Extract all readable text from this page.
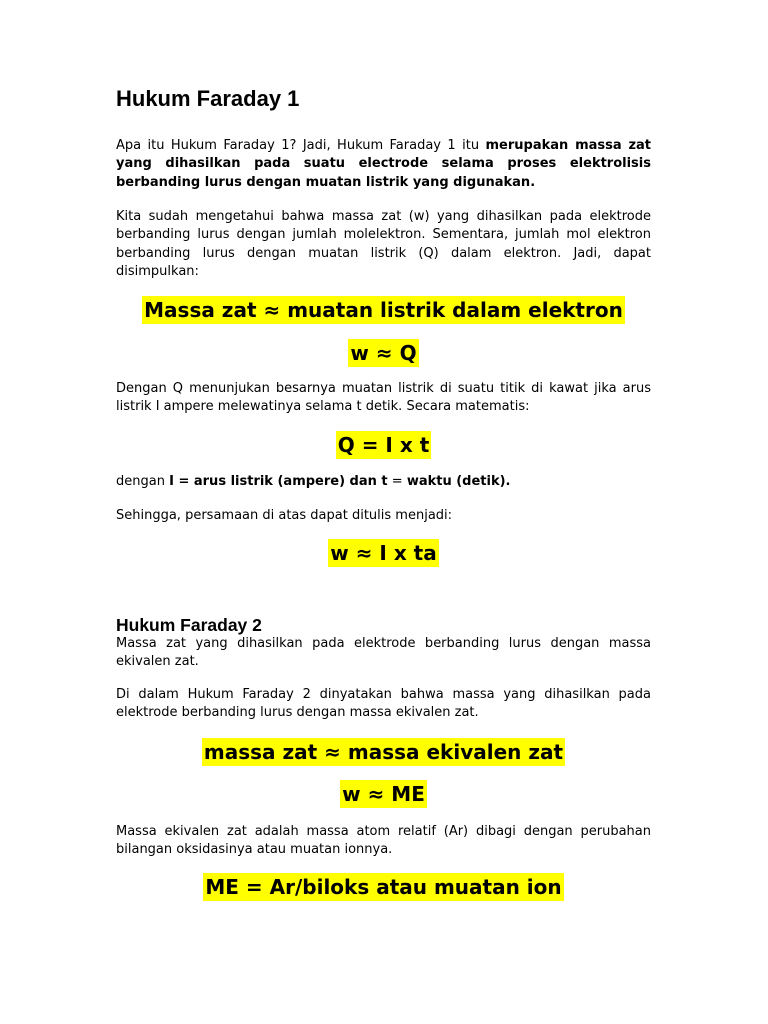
Hukum Faraday 1

Apa itu Hukum Faraday 1? Jadi, Hukum Faraday 1 itu merupakan massa zat yang dihasilkan pada suatu electrode selama proses elektrolisis berbanding lurus dengan muatan listrik yang digunakan.

Kita sudah mengetahui bahwa massa zat (w) yang dihasilkan pada elektrode berbanding lurus dengan jumlah molelektron. Sementara, jumlah mol elektron berbanding lurus dengan muatan listrik (Q) dalam elektron. Jadi, dapat disimpulkan:

Massa zat ≈ muatan listrik dalam elektron
w ≈ Q

Dengan Q menunjukan besarnya muatan listrik di suatu titik di kawat jika arus listrik I ampere melewatinya selama t detik. Secara matematis:

Q = I x t

dengan I = arus listrik (ampere) dan t = waktu (detik).

Sehingga, persamaan di atas dapat ditulis menjadi:

w ≈ I x ta
Hukum Faraday 2

Massa zat yang dihasilkan pada elektrode berbanding lurus dengan massa ekivalen zat.

Di dalam Hukum Faraday 2 dinyatakan bahwa massa yang dihasilkan pada elektrode berbanding lurus dengan massa ekivalen zat.

massa zat ≈ massa ekivalen zat
w ≈ ME

Massa ekivalen zat adalah massa atom relatif (Ar) dibagi dengan perubahan bilangan oksidasinya atau muatan ionnya.

ME = Ar/biloks atau muatan ion
